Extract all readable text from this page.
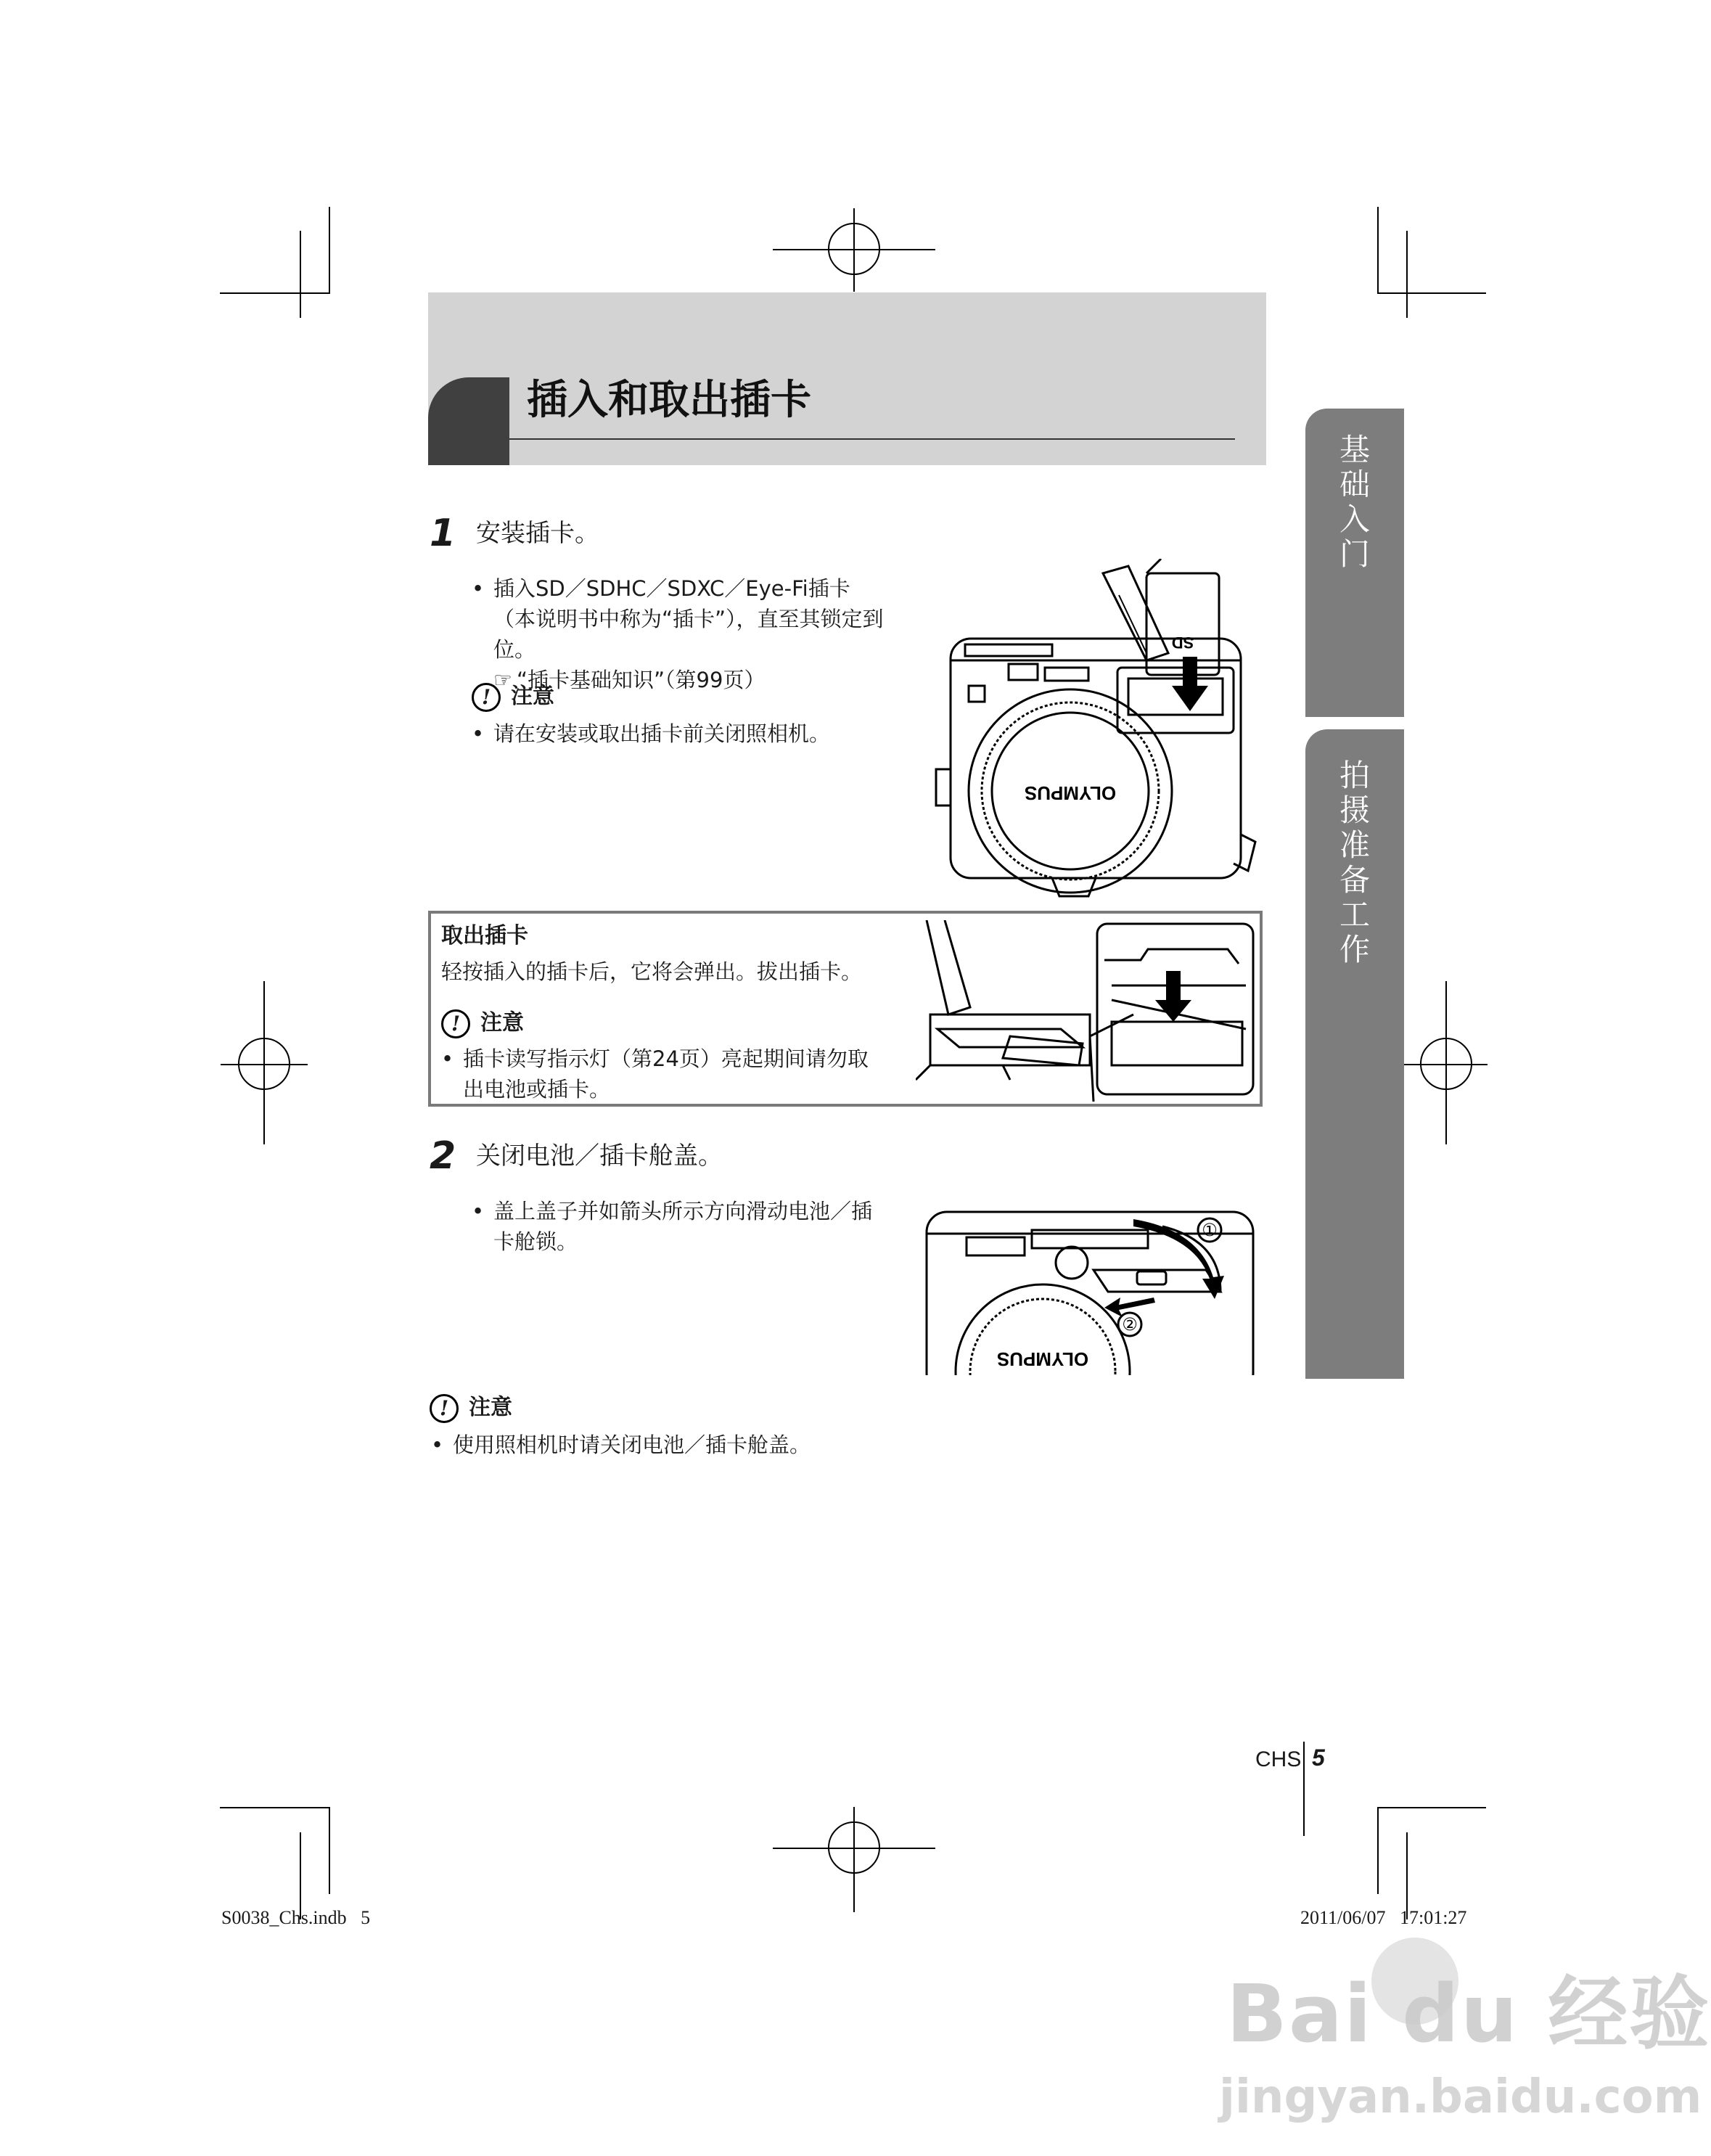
插入和取出插卡
基础入门
拍摄准备工作
1 安装插卡。
• 插入SD／SDHC／SDXC／Eye-Fi插卡
（本说明书中称为“插卡”），直至其锁定到位。
☞ “插卡基础知识”（第99页）
! 注意
• 请在安装或取出插卡前关闭照相机。
OLYMPUS
SD
取出插卡
轻按插入的插卡后，它将会弹出。拔出插卡。
! 注意
• 插卡读写指示灯（第24页）亮起期间请勿取
出电池或插卡。
2 关闭电池／插卡舱盖。
• 盖上盖子并如箭头所示方向滑动电池／插
卡舱锁。	①
②
OLYMPUS
! 注意
• 使用照相机时请关闭电池／插卡舱盖。
CHS 5
S0038_Chs.indb   5	2011/06/07   17:01:27
Bai du 经验
jingyan.baidu.com
